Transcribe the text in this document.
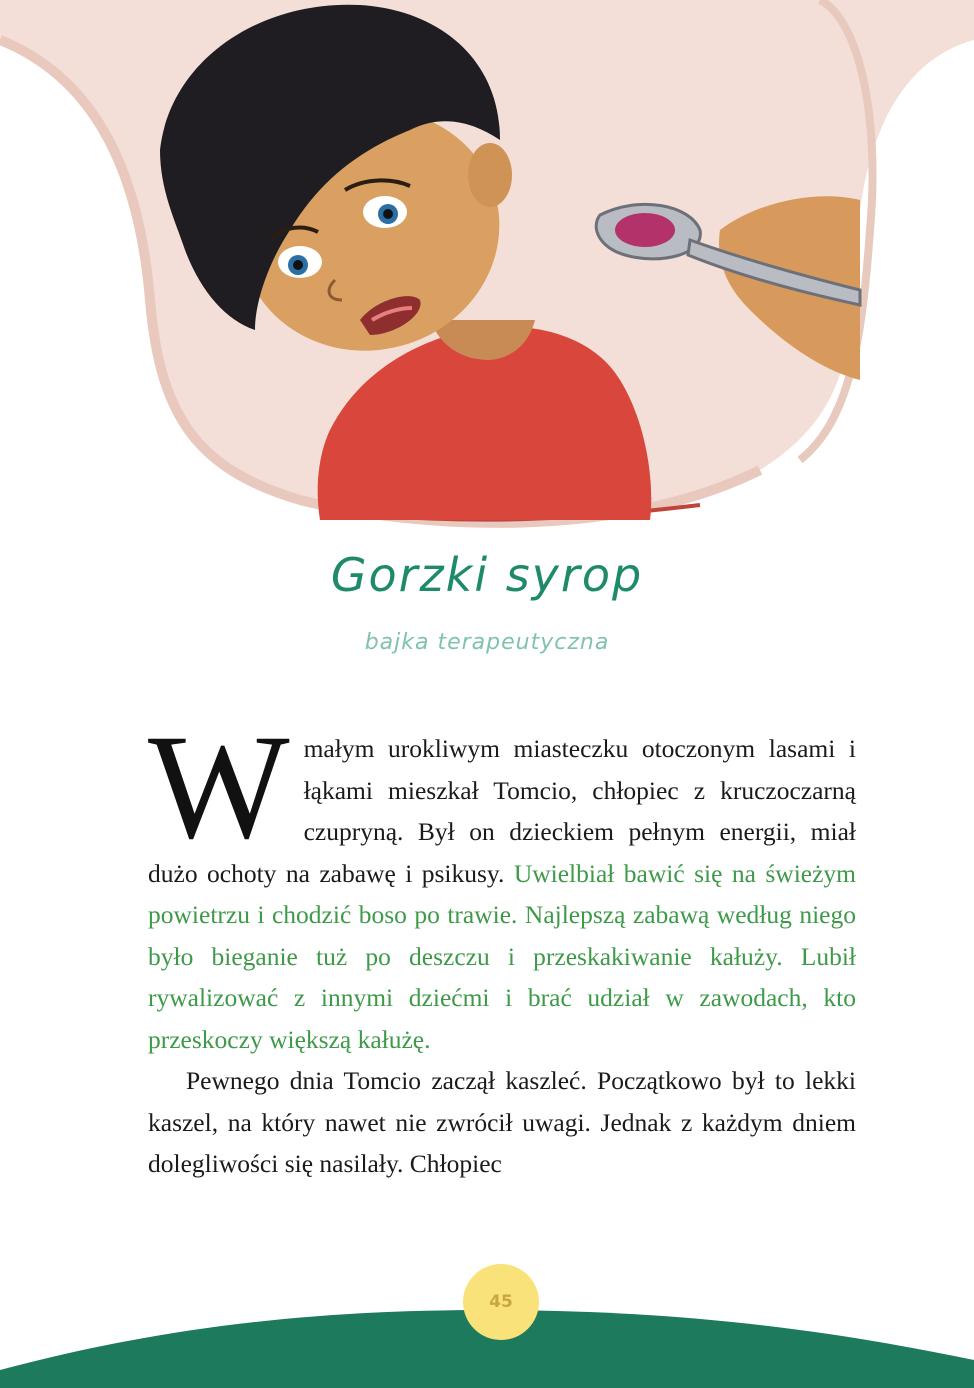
Gorzki syrop
bajka terapeutyczna

W małym urokliwym miasteczku otoczonym lasami i łąkami mieszkał Tomcio, chłopiec z kruczoczarną czupryną. Był on dzieckiem pełnym energii, miał dużo ochoty na zabawę i psikusy. Uwielbiał bawić się na świeżym powietrzu i chodzić boso po trawie. Najlepszą zabawą według niego było bieganie tuż po deszczu i przeskakiwanie kałuży. Lubił rywalizować z innymi dziećmi i brać udział w zawodach, kto przeskoczy większą kałużę.

Pewnego dnia Tomcio zaczął kaszleć. Początkowo był to lekki kaszel, na który nawet nie zwrócił uwagi. Jednak z każdym dniem dolegliwości się nasilały. Chłopiec

45
